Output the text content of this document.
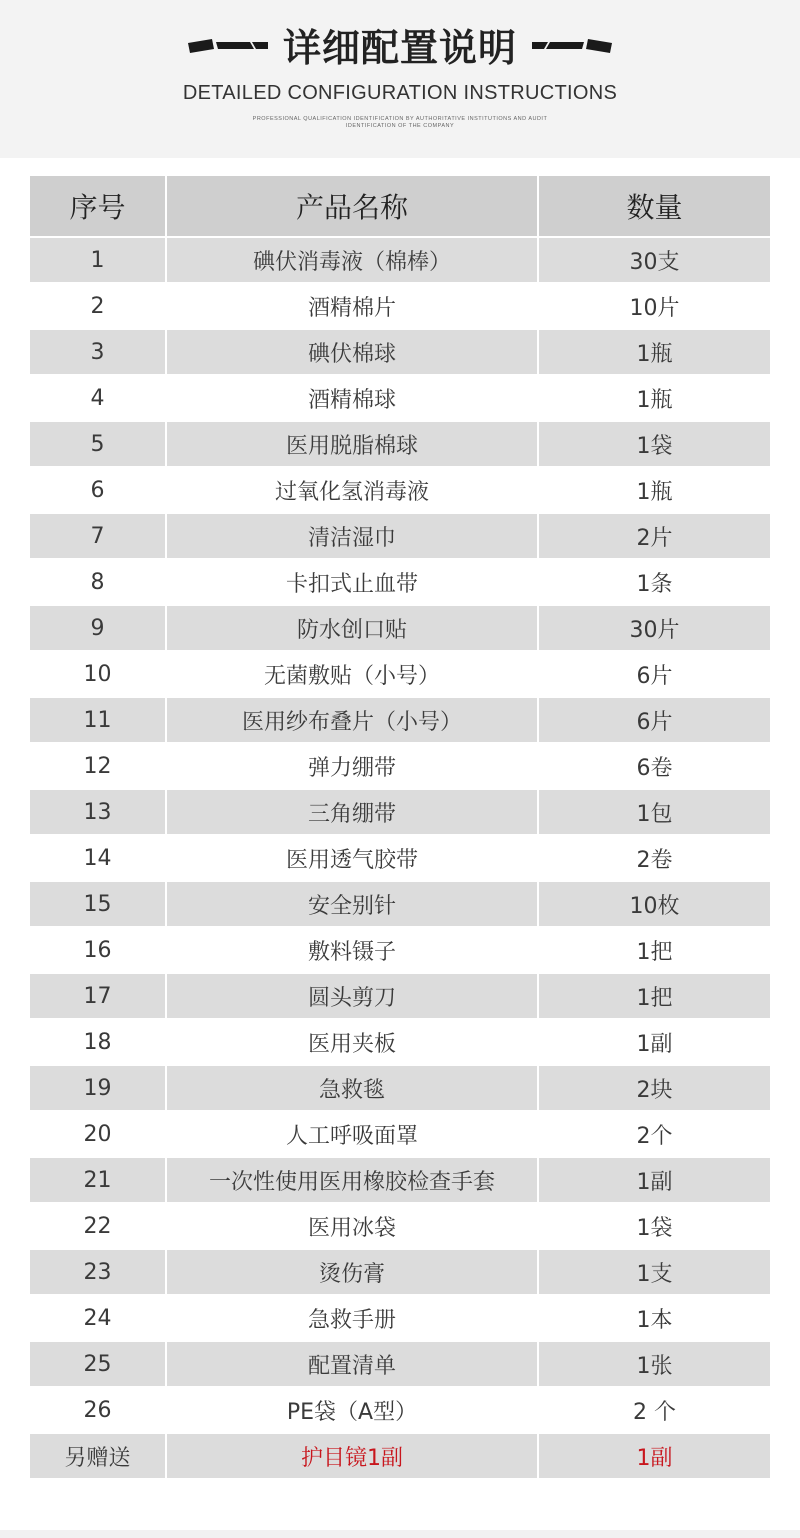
详细配置说明
DETAILED CONFIGURATION INSTRUCTIONS
PROFESSIONAL QUALIFICATION IDENTIFICATION BY AUTHORITATIVE INSTITUTIONS AND AUDIT
IDENTIFICATION OF THE COMPANY
序号	产品名称	数量
1	碘伏消毒液（棉棒）	30支
2	酒精棉片	10片
3	碘伏棉球	1瓶
4	酒精棉球	1瓶
5	医用脱脂棉球	1袋
6	过氧化氢消毒液	1瓶
7	清洁湿巾	2片
8	卡扣式止血带	1条
9	防水创口贴	30片
10	无菌敷贴（小号）	6片
11	医用纱布叠片（小号）	6片
12	弹力绷带	6卷
13	三角绷带	1包
14	医用透气胶带	2卷
15	安全别针	10枚
16	敷料镊子	1把
17	圆头剪刀	1把
18	医用夹板	1副
19	急救毯	2块
20	人工呼吸面罩	2个
21	一次性使用医用橡胶检查手套	1副
22	医用冰袋	1袋
23	烫伤膏	1支
24	急救手册	1本
25	配置清单	1张
26	PE袋（A型）	2 个
另赠送	护目镜1副	1副
